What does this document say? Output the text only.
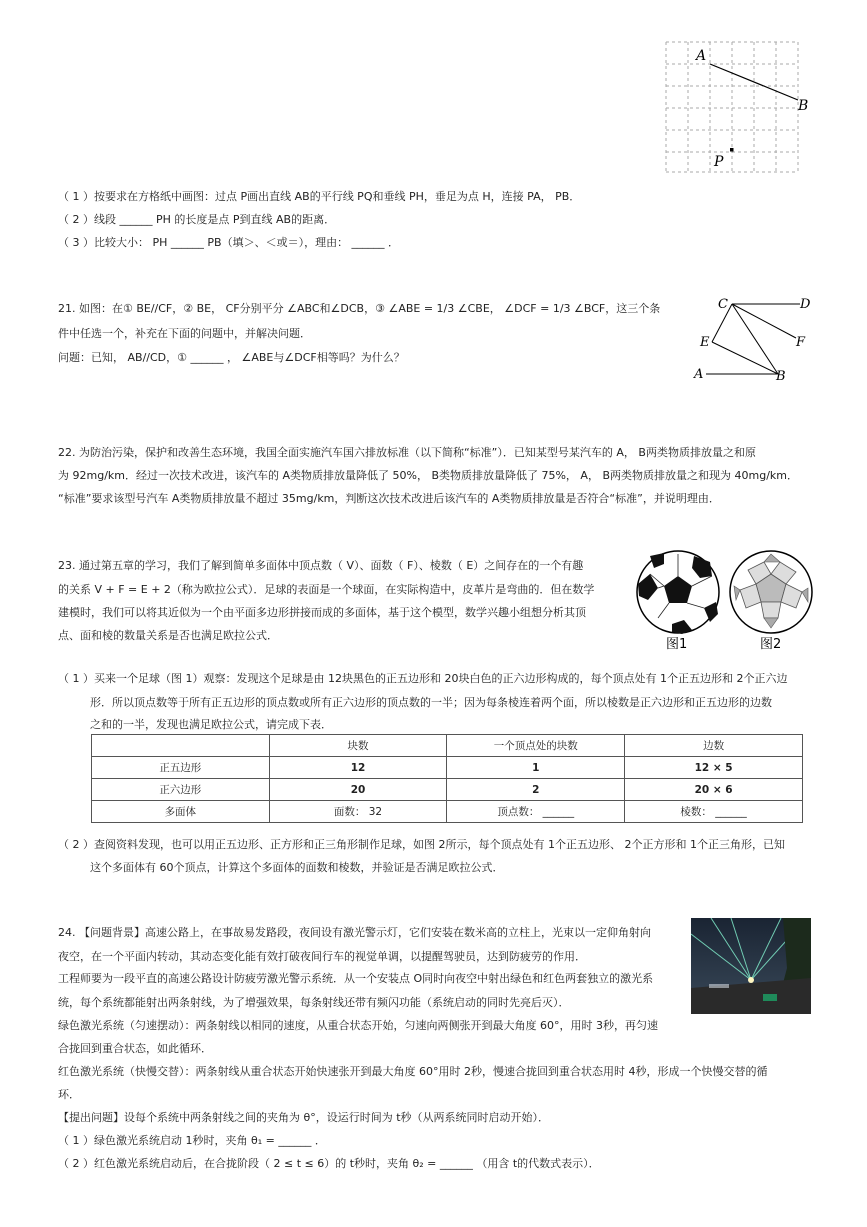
A
B
P
（ 1 ）按要求在方格纸中画图：过点 P画出直线 AB的平行线 PQ和垂线 PH，垂足为点 H，连接 PA， PB．
（ 2 ）线段 ______ PH 的长度是点 P到直线 AB的距离．
（ 3 ）比较大小： PH ______ PB（填＞、＜或＝），理由： ______ ．
21. 如图：在① BE//CF，② BE， CF分别平分 ∠ABC和∠DCB，③ ∠ABE = 1/3 ∠CBE， ∠DCF = 1/3 ∠BCF，这三个条
件中任选一个，补充在下面的问题中，并解决问题．
问题：已知， AB//CD，① ______ ， ∠ABE与∠DCF相等吗？为什么？
C	D
E	F
A	B
22. 为防治污染，保护和改善生态环境，我国全面实施汽车国六排放标准（以下简称“标准”）．已知某型号某汽车的 A， B两类物质排放量之和原
为 92mg/km．经过一次技术改进，该汽车的 A类物质排放量降低了 50%， B类物质排放量降低了 75%， A， B两类物质排放量之和现为 40mg/km．
“标准”要求该型号汽车 A类物质排放量不超过 35mg/km，判断这次技术改进后该汽车的 A类物质排放量是否符合“标准”，并说明理由．
23. 通过第五章的学习，我们了解到简单多面体中顶点数（ V）、面数（ F）、棱数（ E）之间存在的一个有趣
的关系 V + F = E + 2（称为欧拉公式）．足球的表面是一个球面，在实际构造中，皮革片是弯曲的．但在数学
建模时，我们可以将其近似为一个由平面多边形拼接而成的多面体，基于这个模型，数学兴趣小组想分析其顶
点、面和棱的数量关系是否也满足欧拉公式．
图1	图2
（ 1 ）买来一个足球（图 1）观察：发现这个足球是由 12块黑色的正五边形和 20块白色的正六边形构成的，每个顶点处有 1个正五边形和 2个正六边
形．所以顶点数等于所有正五边形的顶点数或所有正六边形的顶点数的一半；因为每条棱连着两个面，所以棱数是正六边形和正五边形的边数
之和的一半，发现也满足欧拉公式，请完成下表．
	块数	一个顶点处的块数	边数
正五边形	12	1	12 × 5
正六边形	20	2	20 × 6
多面体	面数： 32	顶点数： ______	棱数： ______
（ 2 ）查阅资料发现，也可以用正五边形、正方形和正三角形制作足球，如图 2所示，每个顶点处有 1个正五边形、 2个正方形和 1个正三角形，已知
这个多面体有 60个顶点，计算这个多面体的面数和棱数，并验证是否满足欧拉公式．
24. 【问题背景】高速公路上，在事故易发路段，夜间设有激光警示灯，它们安装在数米高的立柱上，光束以一定仰角射向
夜空，在一个平面内转动，其动态变化能有效打破夜间行车的视觉单调，以提醒驾驶员，达到防疲劳的作用．
工程师要为一段平直的高速公路设计防疲劳激光警示系统．从一个安装点 O同时向夜空中射出绿色和红色两套独立的激光系
统，每个系统都能射出两条射线，为了增强效果，每条射线还带有频闪功能（系统启动的同时先亮后灭）．
绿色激光系统（匀速摆动）：两条射线以相同的速度，从重合状态开始，匀速向两侧张开到最大角度 60°，用时 3秒，再匀速
合拢回到重合状态，如此循环．
红色激光系统（快慢交替）：两条射线从重合状态开始快速张开到最大角度 60°用时 2秒，慢速合拢回到重合状态用时 4秒，形成一个快慢交替的循
环．
【提出问题】设每个系统中两条射线之间的夹角为 θ°，设运行时间为 t秒（从两系统同时启动开始）．
（ 1 ）绿色激光系统启动 1秒时，夹角 θ₁ = ______ ．
（ 2 ）红色激光系统启动后，在合拢阶段（ 2 ≤ t ≤ 6）的 t秒时，夹角 θ₂ = ______ （用含 t的代数式表示）．
